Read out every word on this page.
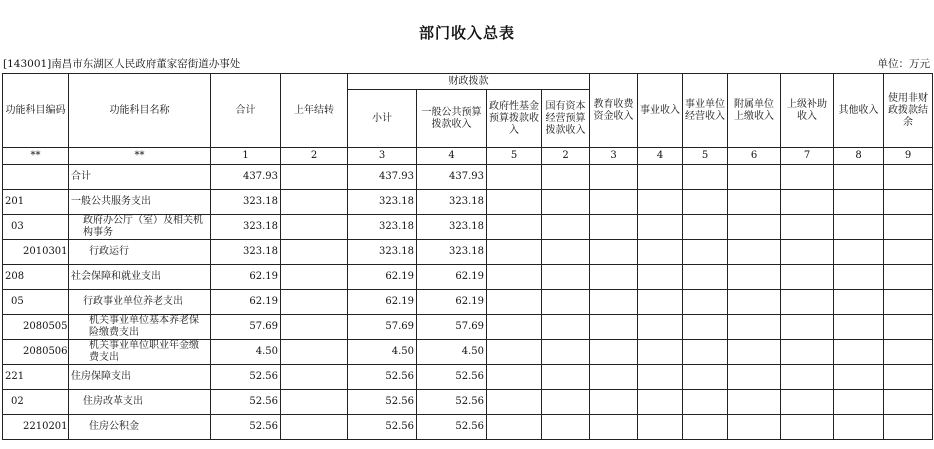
部门收入总表
[143001]南昌市东湖区人民政府董家窑街道办事处	单位：万元
功能科目编码	功能科目名称	合计	上年结转	财政拨款				教育收费资金收入	事业收入	事业单位经营收入	附属单位上缴收入	上级补助收入	其他收入	使用非财政拨款结余
				小计	一般公共预算拨款收入	政府性基金预算拨款收入	国有资本经营预算拨款收入							
**	**	1	2	3	4	5	2	3	4	5	6	7	8	9
	合计	437.93		437.93	437.93									
201	一般公共服务支出	323.18		323.18	323.18									
03	政府办公厅（室）及相关机构事务	323.18		323.18	323.18									
2010301	行政运行	323.18		323.18	323.18									
208	社会保障和就业支出	62.19		62.19	62.19									
05	行政事业单位养老支出	62.19		62.19	62.19									
2080505	机关事业单位基本养老保险缴费支出	57.69		57.69	57.69									
2080506	机关事业单位职业年金缴费支出	4.50		4.50	4.50									
221	住房保障支出	52.56		52.56	52.56									
02	住房改革支出	52.56		52.56	52.56									
2210201	住房公积金	52.56		52.56	52.56									
